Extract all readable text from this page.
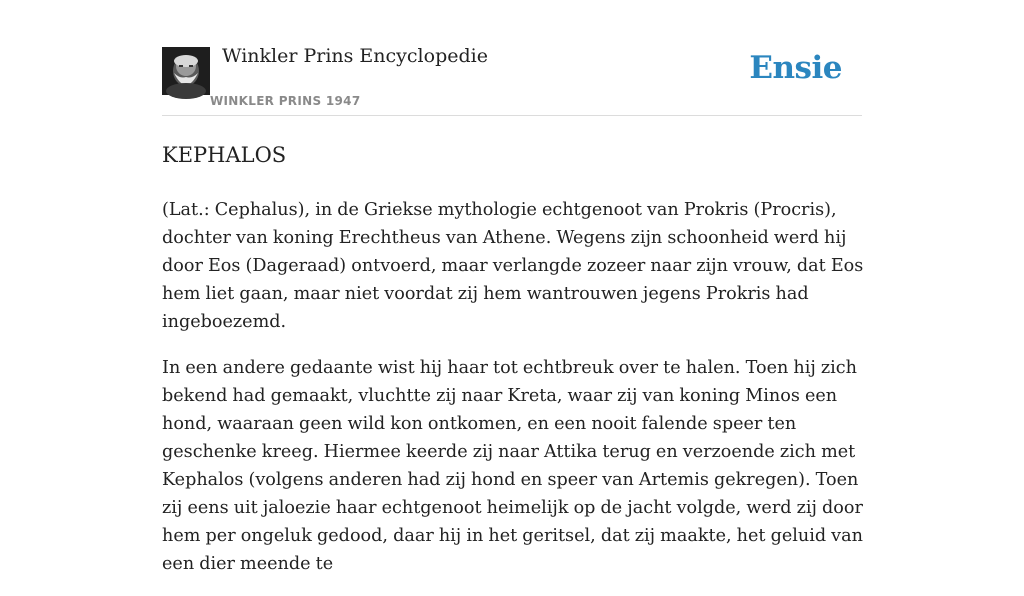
Winkler Prins Encyclopedie
WINKLER PRINS 1947
Ensie
KEPHALOS

(Lat.: Cephalus), in de Griekse mythologie echtgenoot van Prokris (Procris), dochter van koning Erechtheus van Athene. Wegens zijn schoonheid werd hij door Eos (Dageraad) ontvoerd, maar verlangde zozeer naar zijn vrouw, dat Eos hem liet gaan, maar niet voordat zij hem wantrouwen jegens Prokris had ingeboezemd.

In een andere gedaante wist hij haar tot echtbreuk over te halen. Toen hij zich bekend had gemaakt, vluchtte zij naar Kreta, waar zij van koning Minos een hond, waaraan geen wild kon ontkomen, en een nooit falende speer ten geschenke kreeg. Hiermee keerde zij naar Attika terug en verzoende zich met Kephalos (volgens anderen had zij hond en speer van Artemis gekregen). Toen zij eens uit jaloezie haar echtgenoot heimelijk op de jacht volgde, werd zij door hem per ongeluk gedood, daar hij in het geritsel, dat zij maakte, het geluid van een dier meende te
